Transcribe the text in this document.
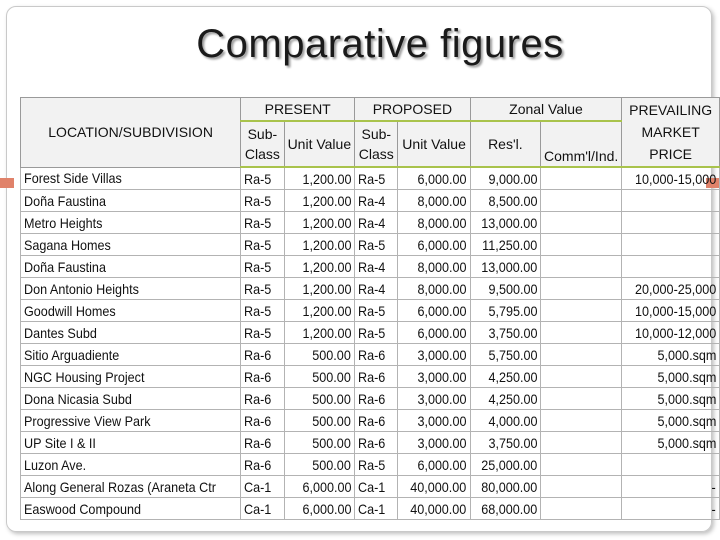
Comparative figures
LOCATION/SUBDIVISION	PRESENT		PROPOSED		Zonal Value		PREVAILING MARKET PRICE
	Sub-Class	Unit Value	Sub-Class	Unit Value	Res'l.	Comm'l/Ind.	
Forest Side Villas	Ra-5	1,200.00	Ra-5	6,000.00	9,000.00		10,000-15,000
Doña Faustina	Ra-5	1,200.00	Ra-4	8,000.00	8,500.00		
Metro Heights	Ra-5	1,200.00	Ra-4	8,000.00	13,000.00		
Sagana Homes	Ra-5	1,200.00	Ra-5	6,000.00	11,250.00		
Doña Faustina	Ra-5	1,200.00	Ra-4	8,000.00	13,000.00		
Don Antonio Heights	Ra-5	1,200.00	Ra-4	8,000.00	9,500.00		20,000-25,000
Goodwill Homes	Ra-5	1,200.00	Ra-5	6,000.00	5,795.00		10,000-15,000
Dantes Subd	Ra-5	1,200.00	Ra-5	6,000.00	3,750.00		10,000-12,000
Sitio Arguadiente	Ra-6	500.00	Ra-6	3,000.00	5,750.00		5,000.sqm
NGC Housing Project	Ra-6	500.00	Ra-6	3,000.00	4,250.00		5,000.sqm
Dona Nicasia Subd	Ra-6	500.00	Ra-6	3,000.00	4,250.00		5,000.sqm
Progressive View Park	Ra-6	500.00	Ra-6	3,000.00	4,000.00		5,000.sqm
UP Site I & II	Ra-6	500.00	Ra-6	3,000.00	3,750.00		5,000.sqm
Luzon Ave.	Ra-6	500.00	Ra-5	6,000.00	25,000.00		
Along General Rozas (Araneta Ctr	Ca-1	6,000.00	Ca-1	40,000.00	80,000.00		-
Easwood Compound	Ca-1	6,000.00	Ca-1	40,000.00	68,000.00		-
